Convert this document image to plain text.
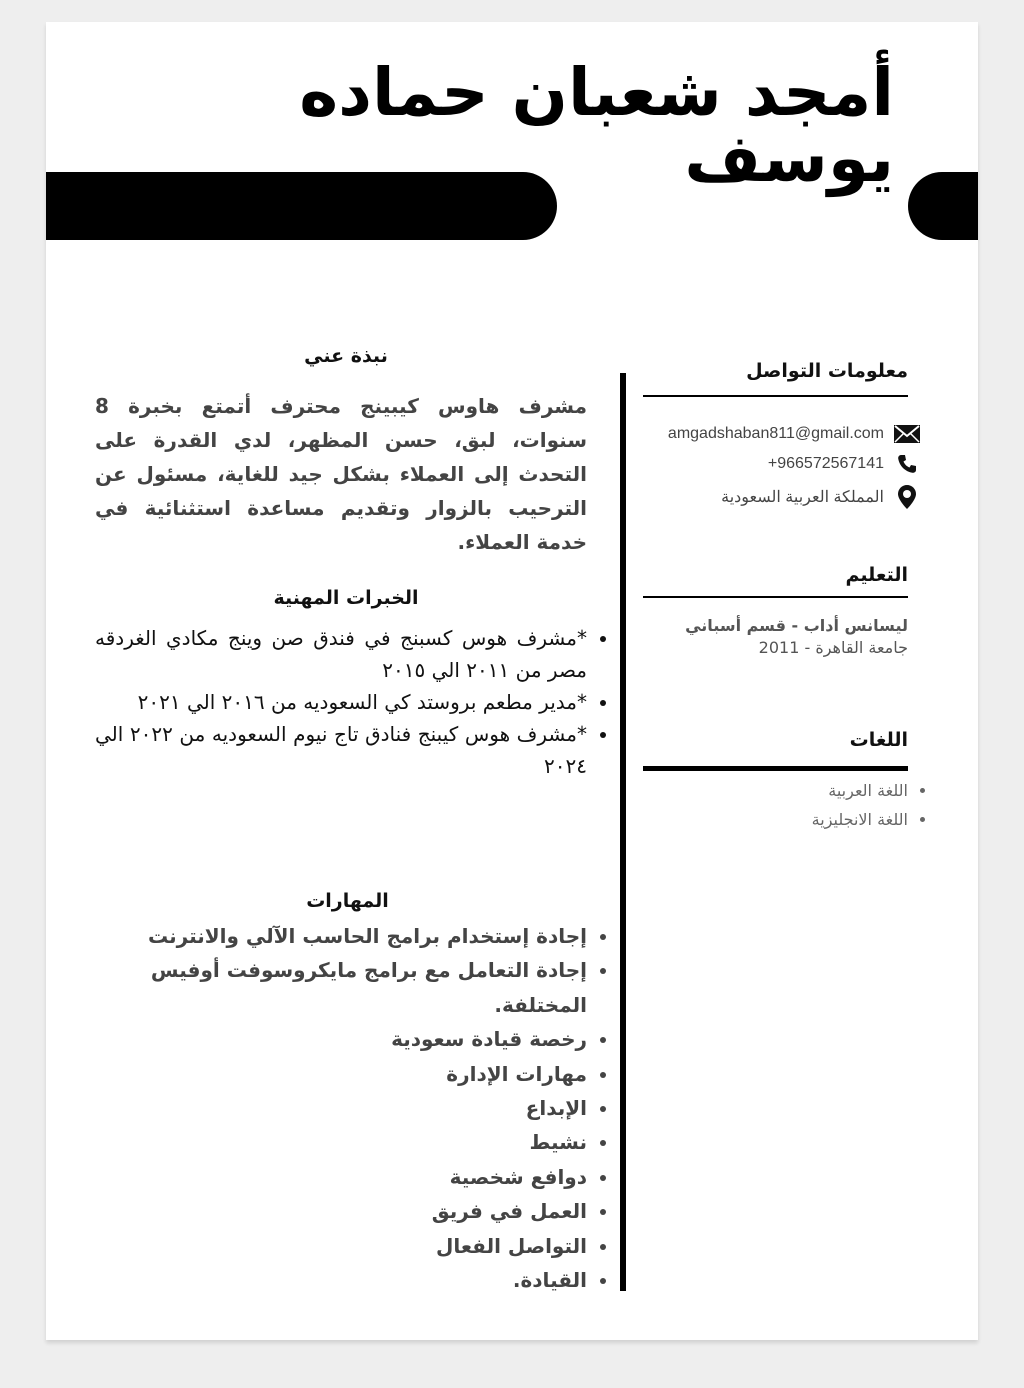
أمجد شعبان حماده يوسف
معلومات التواصل
amgadshaban811@gmail.com
+966572567141
المملكة العربية السعودية
التعليم
ليسانس أداب - قسم أسباني
جامعة القاهرة - 2011
اللغات
• اللغة العربية
• اللغة الانجليزية
نبذة عني
مشرف هاوس كيبينج محترف أتمتع بخبرة 8 سنوات، لبق، حسن المظهر، لدي القدرة على التحدث إلى العملاء بشكل جيد للغاية، مسئول عن الترحيب بالزوار وتقديم مساعدة استثنائية في خدمة العملاء.
الخبرات المهنية
• *مشرف هوس كسبنج في فندق صن وينج مكادي الغردقه مصر من ٢٠١١ الي ٢٠١٥
• *مدير مطعم بروستد كي السعوديه من ٢٠١٦ الي ٢٠٢١
• *مشرف هوس كيبنج فنادق تاج نيوم السعوديه من ٢٠٢٢ الي ٢٠٢٤
المهارات
• إجادة إستخدام برامج الحاسب الآلي والانترنت
• إجادة التعامل مع برامج مايكروسوفت أوفيس المختلفة.
• رخصة قيادة سعودية
• مهارات الإدارة
• الإبداع
• نشيط
• دوافع شخصية
• العمل في فريق
• التواصل الفعال
• القيادة.
